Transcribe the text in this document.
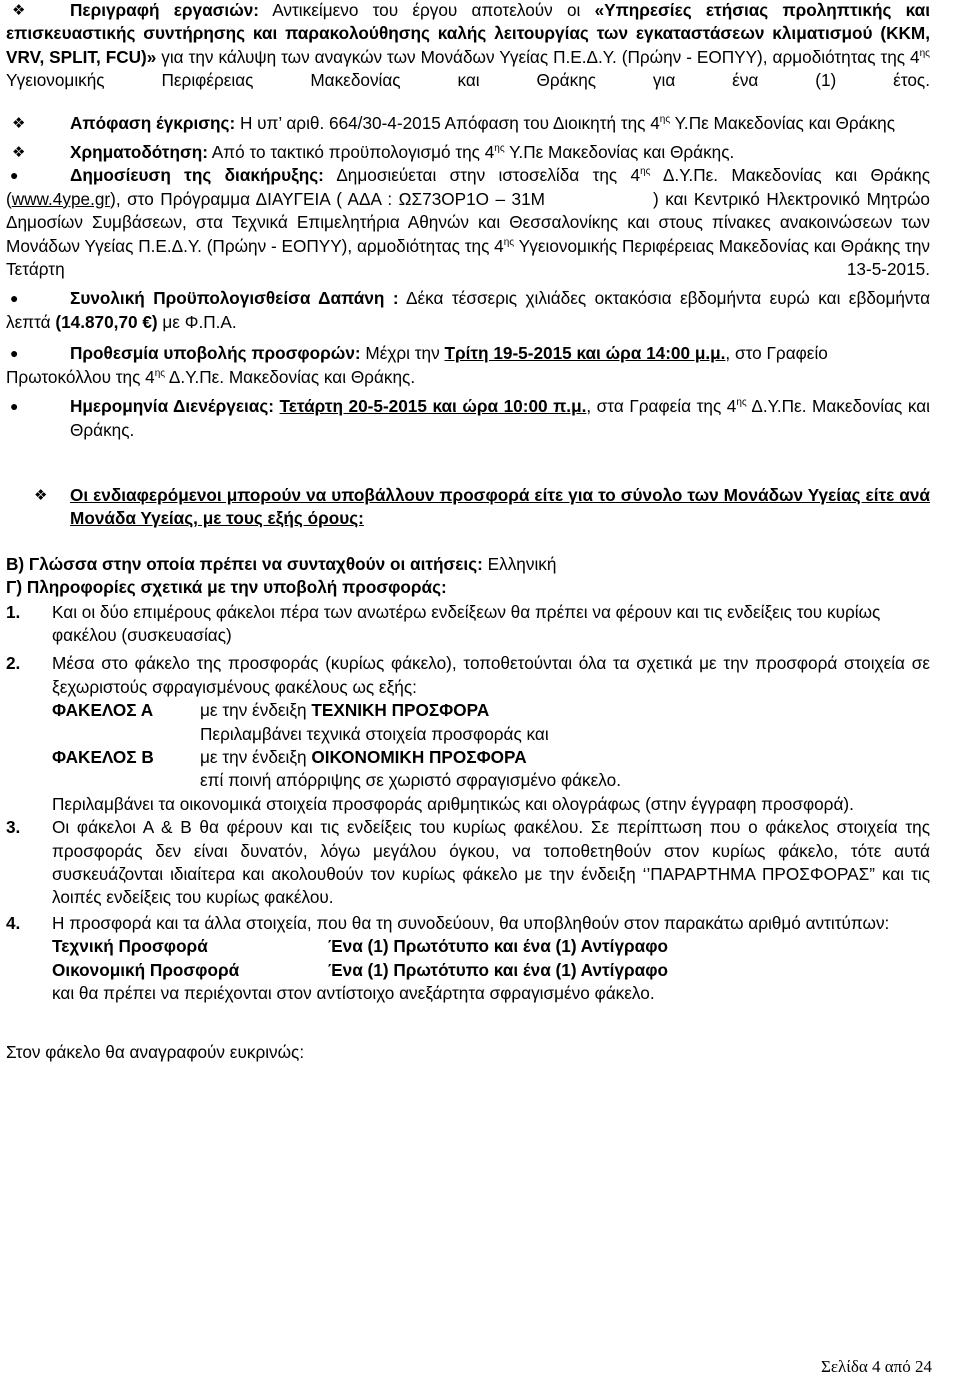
❖	Περιγραφή εργασιών: Αντικείμενο του έργου αποτελούν οι «Υπηρεσίες ετήσιας προληπτικής και επισκευαστικής συντήρησης και παρακολούθησης καλής λειτουργίας των εγκαταστάσεων κλιματισμού (ΚΚΜ, VRV, SPLIT, FCU)» για την κάλυψη των αναγκών των Μονάδων Υγείας Π.Ε.Δ.Υ. (Πρώην - ΕΟΠΥΥ), αρμοδιότητας της $4^{\eta\varsigma}$ Υγειονομικής Περιφέρειας Μακεδονίας και Θράκης για ένα (1) έτος.

❖	Απόφαση έγκρισης: Η υπ’ αριθ. 664/30-4-2015 Απόφαση του Διοικητή της $4^{\eta\varsigma}$ Υ.Πε Μακεδονίας και Θράκης

❖	Χρηματοδότηση: Από το τακτικό προϋπολογισμό της $4^{\eta\varsigma}$ Υ.Πε Μακεδονίας και Θράκης.

●	Δημοσίευση της διακήρυξης: Δημοσιεύεται στην ιστοσελίδα της $4^{\eta\varsigma}$ Δ.Υ.Πε. Μακεδονίας και Θράκης (www.4ype.gr), στο Πρόγραμμα ΔΙΑΥΓΕΙΑ ( ΑΔΑ : ΩΣ73ΟΡ1Ο – 31Μ	) και Κεντρικό Ηλεκτρονικό Μητρώο Δημοσίων Συμβάσεων, στα Τεχνικά Επιμελητήρια Αθηνών και Θεσσαλονίκης και στους πίνακες ανακοινώσεων των Μονάδων Υγείας Π.Ε.Δ.Υ. (Πρώην - ΕΟΠΥΥ), αρμοδιότητας της $4^{\eta\varsigma}$ Υγειονομικής Περιφέρειας Μακεδονίας και Θράκης την Τετάρτη 13-5-2015.

●	Συνολική Προϋπολογισθείσα Δαπάνη : Δέκα τέσσερις χιλιάδες οκτακόσια εβδομήντα ευρώ και εβδομήντα λεπτά (14.870,70 €) με Φ.Π.Α.

●	Προθεσμία υποβολής προσφορών: Μέχρι την Τρίτη 19-5-2015 και ώρα 14:00 μ.μ., στο Γραφείο Πρωτοκόλλου της $4^{\eta\varsigma}$ Δ.Υ.Πε. Μακεδονίας και Θράκης.

●	Ημερομηνία Διενέργειας: Τετάρτη 20-5-2015 και ώρα 10:00 π.μ., στα Γραφεία της $4^{\eta\varsigma}$ Δ.Υ.Πε. Μακεδονίας και Θράκης.

❖ Οι ενδιαφερόμενοι μπορούν να υποβάλλουν προσφορά είτε για το σύνολο των Μονάδων Υγείας είτε ανά Μονάδα Υγείας, με τους εξής όρους:

Β) Γλώσσα στην οποία πρέπει να συνταχθούν οι αιτήσεις: Ελληνική

Γ) Πληροφορίες σχετικά με την υποβολή προσφοράς:

1. Και οι δύο επιμέρους φάκελοι πέρα των ανωτέρω ενδείξεων θα πρέπει να φέρουν και τις ενδείξεις του κυρίως φακέλου (συσκευασίας)
2. Μέσα στο φάκελο της προσφοράς (κυρίως φάκελο), τοποθετούνται όλα τα σχετικά με την προσφορά στοιχεία σε ξεχωριστούς σφραγισμένους φακέλους ως εξής:
ΦΑΚΕΛΟΣ Α	με την ένδειξη ΤΕΧΝΙΚΗ ΠΡΟΣΦΟΡΑ
Περιλαμβάνει τεχνικά στοιχεία προσφοράς και
ΦΑΚΕΛΟΣ Β	με την ένδειξη ΟΙΚΟΝΟΜΙΚΗ ΠΡΟΣΦΟΡΑ
επί ποινή απόρριψης σε χωριστό σφραγισμένο φάκελο.
Περιλαμβάνει τα οικονομικά στοιχεία προσφοράς αριθμητικώς και ολογράφως (στην έγγραφη προσφορά).
3. Οι φάκελοι Α & Β θα φέρουν και τις ενδείξεις του κυρίως φακέλου. Σε περίπτωση που ο φάκελος στοιχεία της προσφοράς δεν είναι δυνατόν, λόγω μεγάλου όγκου, να τοποθετηθούν στον κυρίως φάκελο, τότε αυτά συσκευάζονται ιδιαίτερα και ακολουθούν τον κυρίως φάκελο με την ένδειξη ‘’ΠΑΡΑΡΤΗΜΑ ΠΡΟΣΦΟΡΑΣ” και τις λοιπές ενδείξεις του κυρίως φακέλου.
4. Η προσφορά και τα άλλα στοιχεία, που θα τη συνοδεύουν, θα υποβληθούν στον παρακάτω αριθμό αντιτύπων:
Τεχνική Προσφορά	Ένα (1) Πρωτότυπο και ένα (1) Αντίγραφο
Οικονομική Προσφορά	Ένα (1) Πρωτότυπο και ένα (1) Αντίγραφο
και θα πρέπει να περιέχονται στον αντίστοιχο ανεξάρτητα σφραγισμένο φάκελο.

Στον φάκελο θα αναγραφούν ευκρινώς:

Σελίδα 4 από 24
